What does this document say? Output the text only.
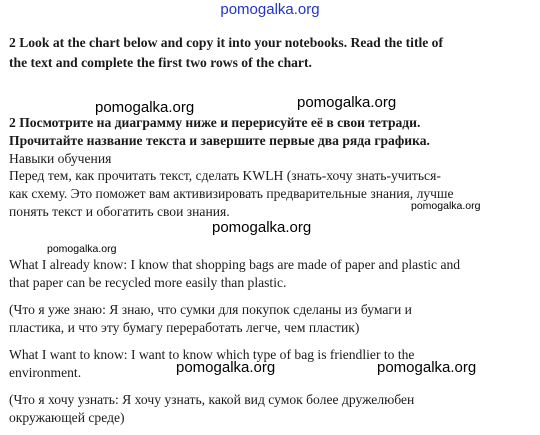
pomogalka.org
pomogalka.org	pomogalka.org
pomogalka.org
pomogalka.org
pomogalka.org
pomogalka.org	pomogalka.org
2 Look at the chart below and copy it into your notebooks. Read the title of
the text and complete the first two rows of the chart.
2 Посмотрите на диаграмму ниже и перерисуйте её в свои тетради.
Прочитайте название текста и завершите первые два ряда графика.
Навыки обучения
Перед тем, как прочитать текст, сделать KWLH (знать-хочу знать-учиться-
как схему. Это поможет вам активизировать предварительные знания, лучше
понять текст и обогатить свои знания.
What I already know: I know that shopping bags are made of paper and plastic and
that paper can be recycled more easily than plastic.
(Что я уже знаю: Я знаю, что сумки для покупок сделаны из бумаги и
пластика, и что эту бумагу переработать легче, чем пластик)
What I want to know: I want to know which type of bag is friendlier to the
environment.
(Что я хочу узнать: Я хочу узнать, какой вид сумок более дружелюбен
окружающей среде)
